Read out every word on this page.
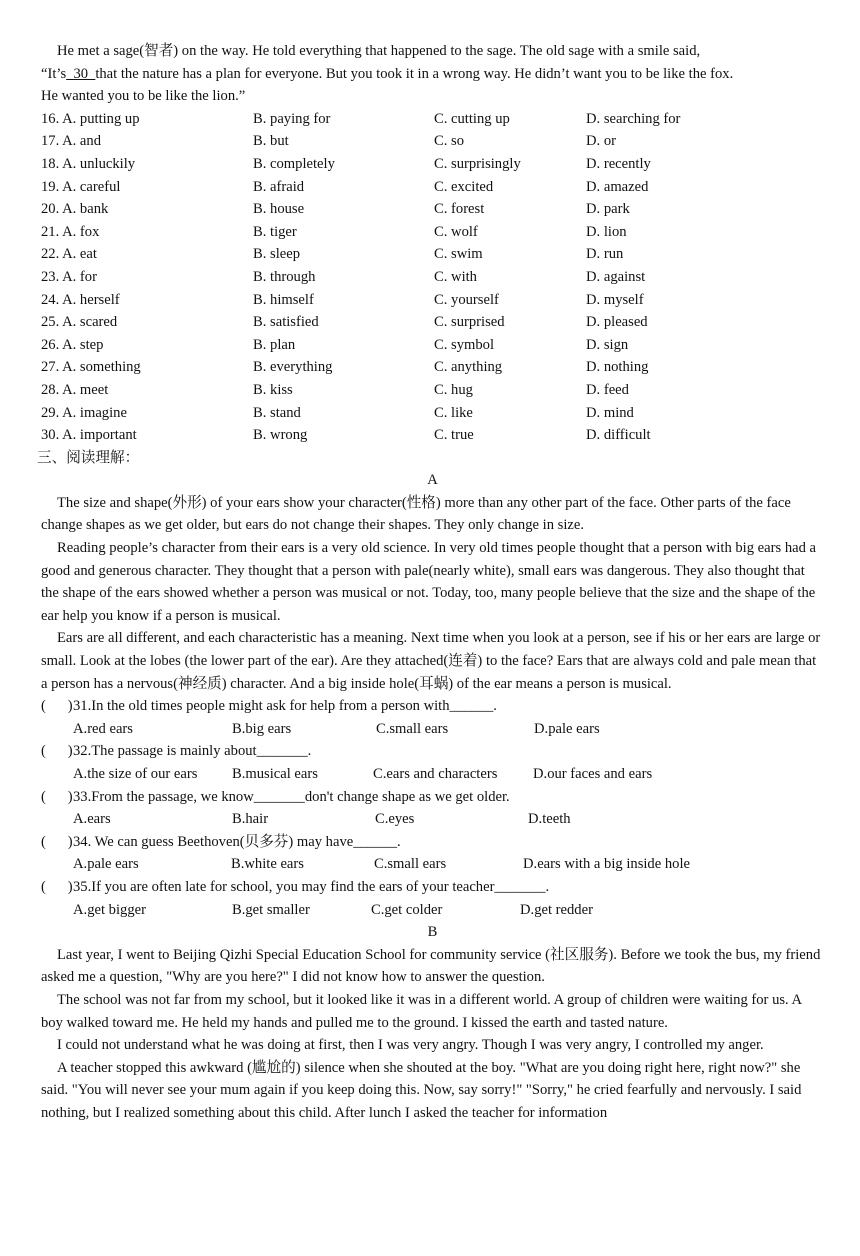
He met a sage(智者) on the way. He told everything that happened to the sage. The old sage with a smile said,

“It’s  30  that the nature has a plan for everyone. But you took it in a wrong way. He didn’t want you to be like the fox.

He wanted you to be like the lion.”

16. A. putting up	B. paying for	C. cutting up	D. searching for
17. A. and	B. but	C. so	D. or
18. A. unluckily	B. completely	C. surprisingly	D. recently
19. A. careful	B. afraid	C. excited	D. amazed
20. A. bank	B. house	C. forest	D. park
21. A. fox	B. tiger	C. wolf	D. lion
22. A. eat	B. sleep	C. swim	D. run
23. A. for	B. through	C. with	D. against
24. A. herself	B. himself	C. yourself	D. myself
25. A. scared	B. satisfied	C. surprised	D. pleased
26. A. step	B. plan	C. symbol	D. sign
27. A. something	B. everything	C. anything	D. nothing
28. A. meet	B. kiss	C. hug	D. feed
29. A. imagine	B. stand	C. like	D. mind
30. A. important	B. wrong	C. true	D. difficult

三、阅读理解：

A

The size and shape(外形) of your ears show your character(性格) more than any other part of the face. Other parts of the face change shapes as we get older, but ears do not change their shapes. They only change in size.

Reading people’s character from their ears is a very old science. In very old times people thought that a person with big ears had a good and generous character. They thought that a person with pale(nearly white), small ears was dangerous. They also thought that the shape of the ears showed whether a person was musical or not. Today, too, many people believe that the size and the shape of the ear help you know if a person is musical.

Ears are all different, and each characteristic has a meaning. Next time when you look at a person, see if his or her ears are large or small. Look at the lobes (the lower part of the ear). Are they attached(连着) to the face? Ears that are always cold and pale mean that a person has a nervous(神经质) character. And a big inside hole(耳蜗) of the ear means a person is musical.

(      ) 31.In the old times people might ask for help from a person with______.
A.red ears	B.big ears	C.small ears	D.pale ears
(      ) 32.The passage is mainly about_______.
A.the size of our ears	B.musical ears	C.ears and characters	D.our faces and ears
(      ) 33.From the passage, we know_______don't change shape as we get older.
A.ears	B.hair	C.eyes	D.teeth
(      ) 34. We can guess Beethoven(贝多芬) may have______.
A.pale ears	B.white ears	C.small ears	D.ears with a big inside hole
(      ) 35.If you are often late for school, you may find the ears of your teacher_______.
A.get bigger	B.get smaller	C.get colder	D.get redder

B

Last year, I went to Beijing Qizhi Special Education School for community service (社区服务). Before we took the bus, my friend asked me a question, "Why are you here?" I did not know how to answer the question.

The school was not far from my school, but it looked like it was in a different world. A group of children were waiting for us. A boy walked toward me. He held my hands and pulled me to the ground. I kissed the earth and tasted nature.

I could not understand what he was doing at first, then I was very angry. Though I was very angry, I controlled my anger.

A teacher stopped this awkward (尴尬的) silence when she shouted at the boy. "What are you doing right here, right now?" she said. "You will never see your mum again if you keep doing this. Now, say sorry!" "Sorry," he cried fearfully and nervously. I said nothing, but I realized something about this child. After lunch I asked the teacher for information
